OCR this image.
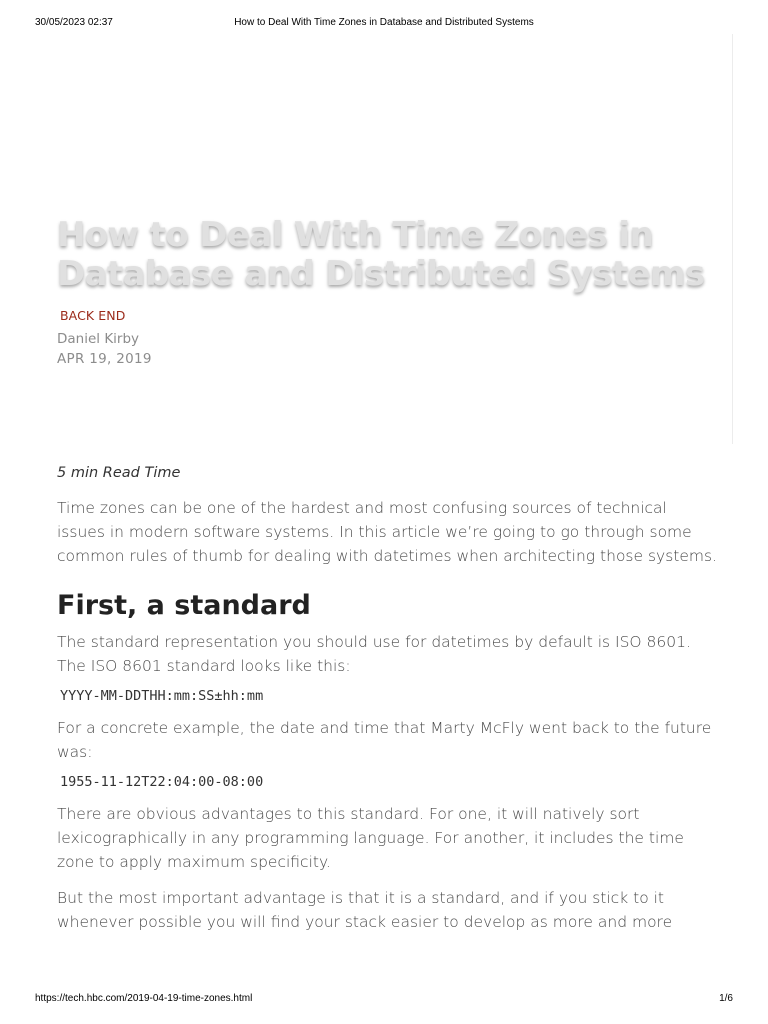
30/05/2023 02:37	How to Deal With Time Zones in Database and Distributed Systems
How to Deal With Time Zones in Database and Distributed Systems
BACK END
Daniel Kirby
APR 19, 2019

5 min Read Time

Time zones can be one of the hardest and most confusing sources of technical issues in modern software systems. In this article we’re going to go through some common rules of thumb for dealing with datetimes when architecting those systems.

First, a standard

The standard representation you should use for datetimes by default is ISO 8601. The ISO 8601 standard looks like this:

YYYY-MM-DDTHH:mm:SS±hh:mm

For a concrete example, the date and time that Marty McFly went back to the future was:

1955-11-12T22:04:00-08:00

There are obvious advantages to this standard. For one, it will natively sort lexicographically in any programming language. For another, it includes the time zone to apply maximum specificity.

But the most important advantage is that it is a standard, and if you stick to it whenever possible you will find your stack easier to develop as more and more

https://tech.hbc.com/2019-04-19-time-zones.html	1/6
